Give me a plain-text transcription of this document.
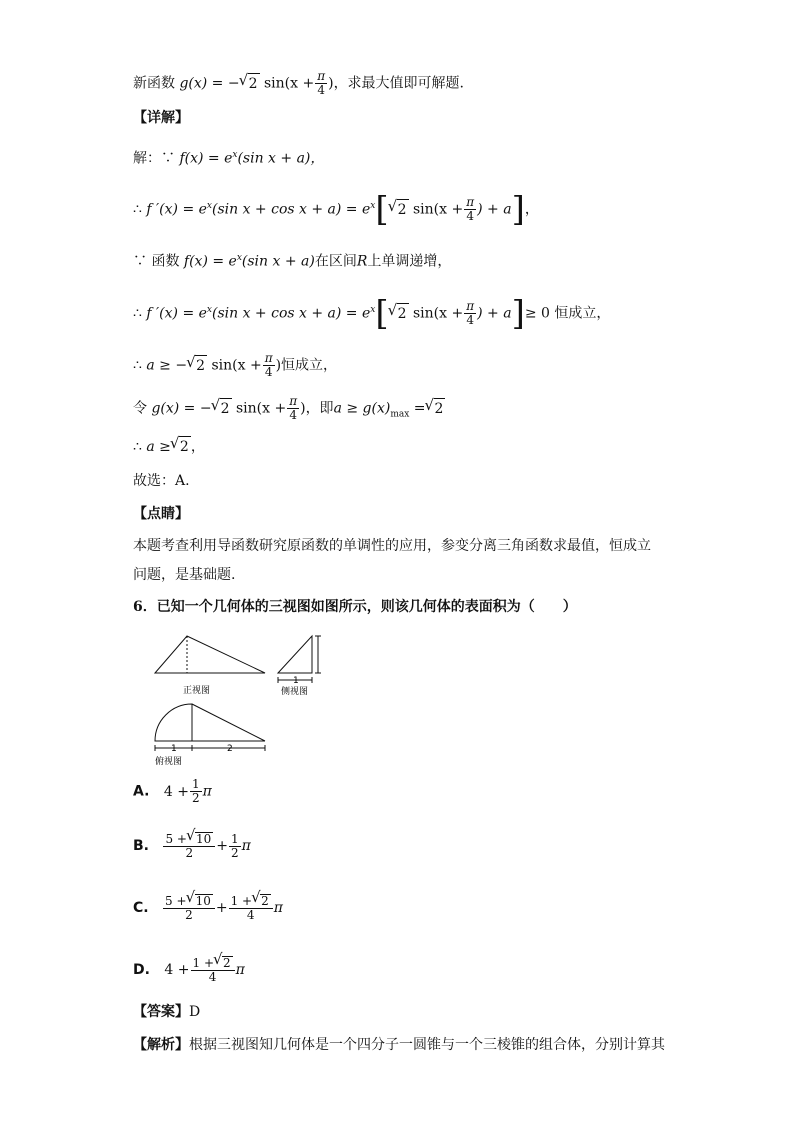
新函数 g(x) = −√ 2 $\sin(x + \frac{\pi}{4}$ )，求最大值即可解题.
【详解】
解：∵ $f(x) = e^x(\sin$ x + a)，
∴ f $'(x) = e^x(\sin$ $x + \cos x + a) = e^x[√$ 2 $\sin(x + \frac{\pi}{4}$ ) + a]，
∵ 函数 $f(x) = e^x(\sin$ x + a)在区间R上单调递增，
∴ f $'(x) = e^x(\sin$ $x + \cos x + a) = e^x[√$ 2 $\sin(x + \frac{\pi}{4}$ ) + a]≥ 0 恒成立，
∴ a ≥ −√ 2 $\sin(x + \frac{\pi}{4}$ )恒成立，
令 g(x) = −√ 2 $\sin(x + \frac{\pi}{4}$ )，即$a \ge g(x)_{max}$ =√ 2
∴ a ≥√ 2 ，
故选：A.
【点睛】
本题考查利用导函数研究原函数的单调性的应用，参变分离三角函数求最值，恒成立问题，是基础题.
6．已知一个几何体的三视图如图所示，则该几何体的表面积为（　　）
正视图
1
侧视图
1	2
俯视图
A. $4 + \frac{1}{2}$ π
B. $\frac{5 +√ 10}{2} + \frac{1}{2}$ π
C. $\frac{5 +√ 10}{2} + \frac{1 +√ 2}{4}$ π
D. $4 + \frac{1 +√ 2}{4}$ π
【答案】D
【解析】根据三视图知几何体是一个四分子一圆锥与一个三棱锥的组合体，分别计算其
